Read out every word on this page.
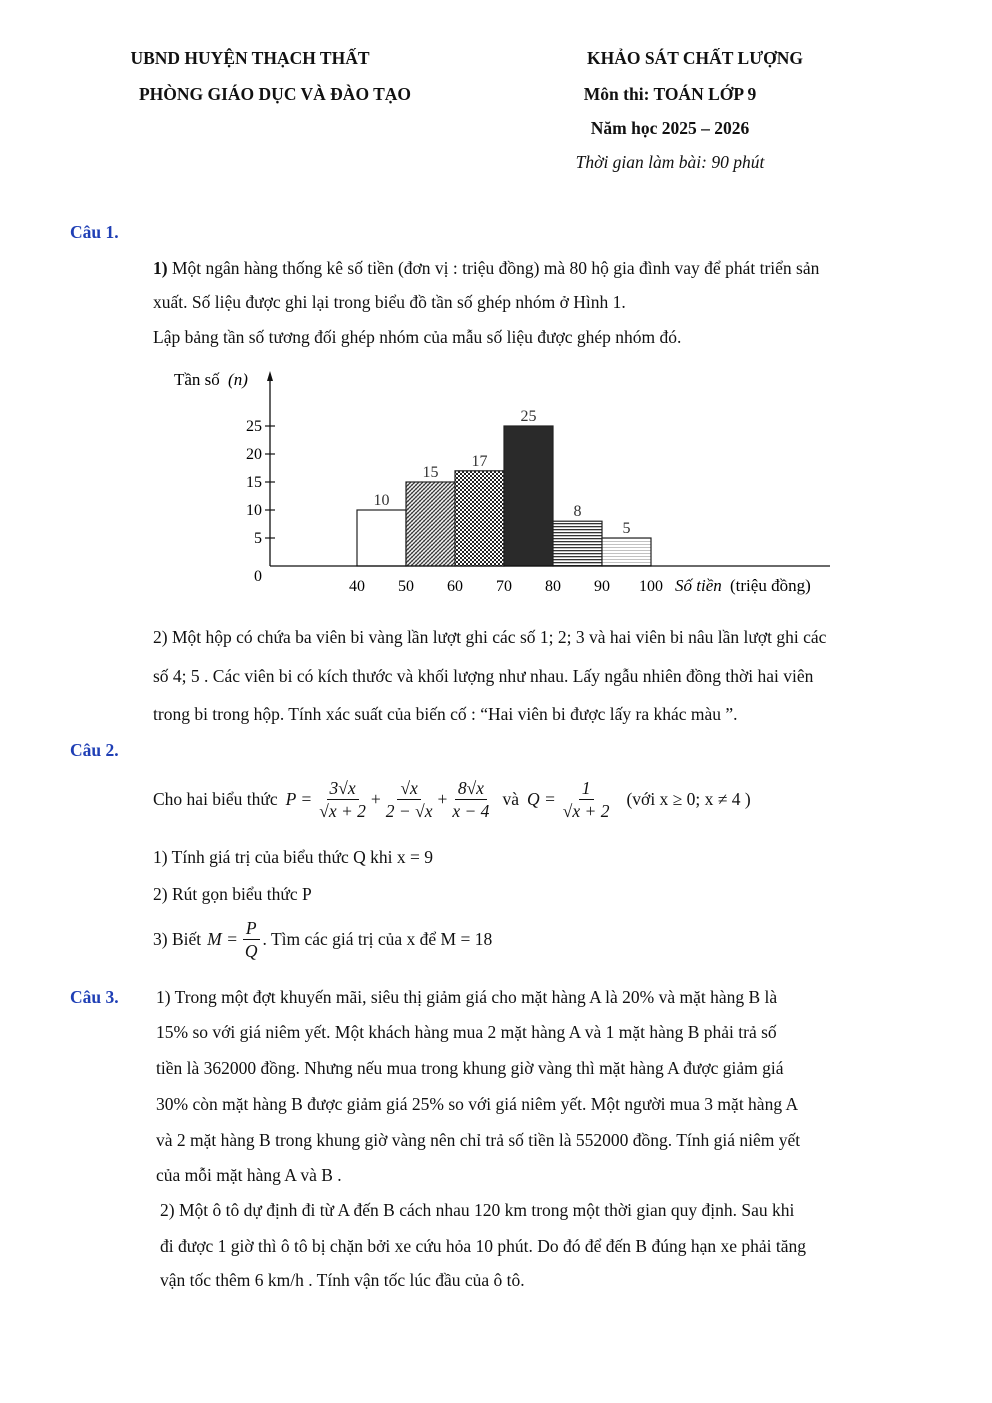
UBND HUYỆN THẠCH THẤT
PHÒNG GIÁO DỤC VÀ ĐÀO TẠO
KHẢO SÁT CHẤT LƯỢNG
Môn thi: TOÁN LỚP 9
Năm học 2025 – 2026
Thời gian làm bài: 90 phút
Câu 1.
1) Một ngân hàng thống kê số tiền (đơn vị : triệu đồng) mà 80 hộ gia đình vay để phát triển sản
xuất. Số liệu được ghi lại trong biểu đồ tần số ghép nhóm ở Hình 1.
Lập bảng tần số tương đối ghép nhóm của mẫu số liệu được ghép nhóm đó.
10
15
17
25
8
5
5
10
15
20
25
40 50 60 70 80 90 100
Tần số (n)
Số tiền (triệu đồng)
0
2) Một hộp có chứa ba viên bi vàng lần lượt ghi các số 1; 2; 3 và hai viên bi nâu lần lượt ghi các
số 4; 5 . Các viên bi có kích thước và khối lượng như nhau. Lấy ngẫu nhiên đồng thời hai viên
trong bi trong hộp. Tính xác suất của biến cố : “Hai viên bi được lấy ra khác màu ”.
Câu 2.
Cho hai biểu thức $P = \frac{3√x}{√x + 2} + \frac{√x}{2 - √x} + \frac{8√x}{x - 4}$ và $Q = \frac{1}{√x + 2}$ (với x ≥ 0; x ≠ 4 )
1) Tính giá trị của biểu thức Q khi x = 9
2) Rút gọn biểu thức P
3) Biết $M = \frac{P}{Q}$ . Tìm các giá trị của x để M = 18
Câu 3. 1) Trong một đợt khuyến mãi, siêu thị giảm giá cho mặt hàng A là 20% và mặt hàng B là
15% so với giá niêm yết. Một khách hàng mua 2 mặt hàng A và 1 mặt hàng B phải trả số
tiền là 362000 đồng. Nhưng nếu mua trong khung giờ vàng thì mặt hàng A được giảm giá
30% còn mặt hàng B được giảm giá 25% so với giá niêm yết. Một người mua 3 mặt hàng A
và 2 mặt hàng B trong khung giờ vàng nên chỉ trả số tiền là 552000 đồng. Tính giá niêm yết
của mỗi mặt hàng A và B .
2) Một ô tô dự định đi từ A đến B cách nhau 120 km trong một thời gian quy định. Sau khi
đi được 1 giờ thì ô tô bị chặn bởi xe cứu hỏa 10 phút. Do đó để đến B đúng hạn xe phải tăng
vận tốc thêm 6 km/h . Tính vận tốc lúc đầu của ô tô.
